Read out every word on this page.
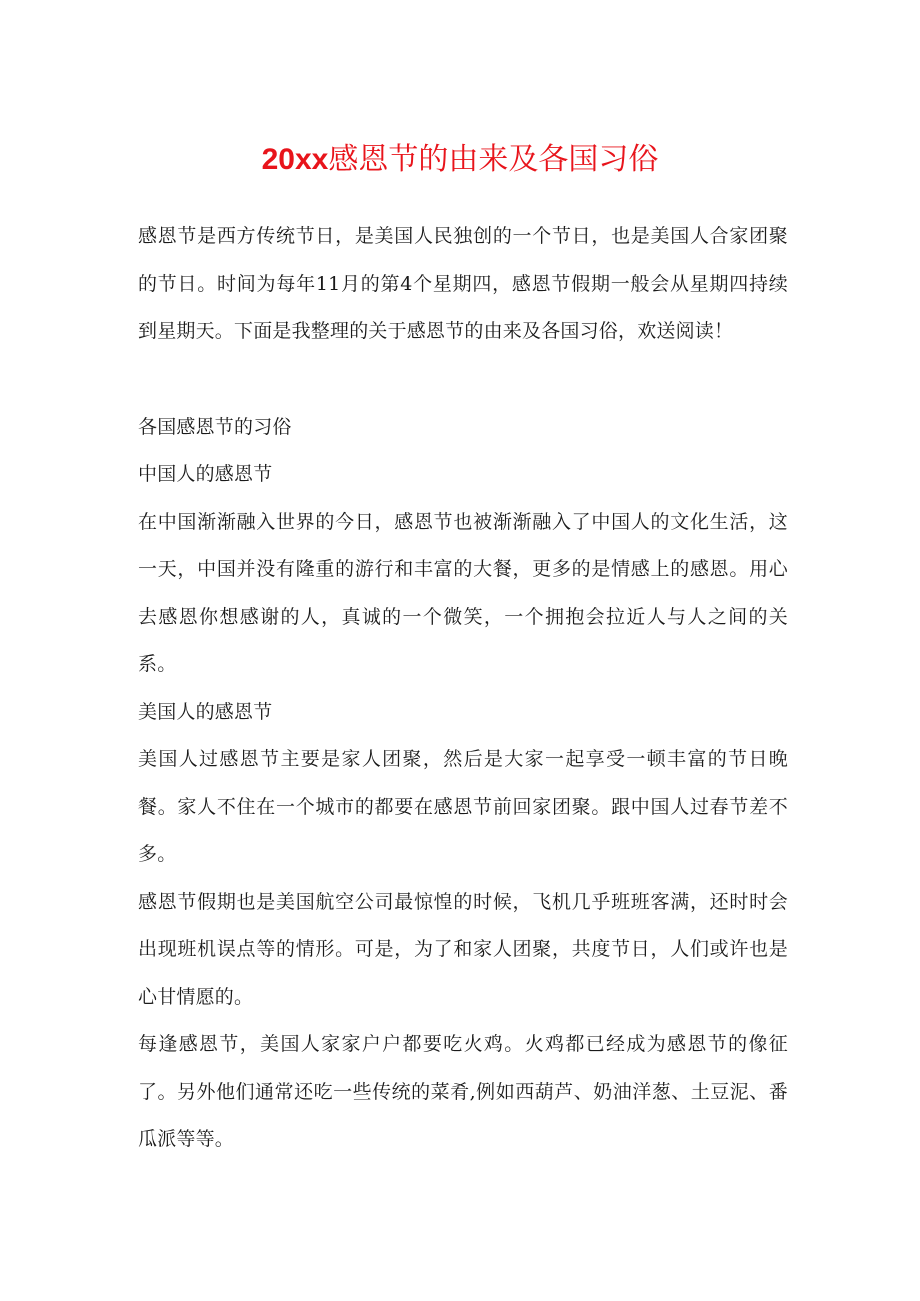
20xx感恩节的由来及各国习俗

感恩节是西方传统节日，是美国人民独创的一个节日，也是美国人合家团聚的节日。时间为每年11月的第4个星期四，感恩节假期一般会从星期四持续到星期天。下面是我整理的关于感恩节的由来及各国习俗，欢送阅读！

各国感恩节的习俗

中国人的感恩节

在中国渐渐融入世界的今日，感恩节也被渐渐融入了中国人的文化生活，这一天，中国并没有隆重的游行和丰富的大餐，更多的是情感上的感恩。用心去感恩你想感谢的人，真诚的一个微笑，一个拥抱会拉近人与人之间的关系。

美国人的感恩节

美国人过感恩节主要是家人团聚，然后是大家一起享受一顿丰富的节日晚餐。家人不住在一个城市的都要在感恩节前回家团聚。跟中国人过春节差不多。

感恩节假期也是美国航空公司最惊惶的时候，飞机几乎班班客满，还时时会出现班机误点等的情形。可是，为了和家人团聚，共度节日，人们或许也是心甘情愿的。

每逢感恩节，美国人家家户户都要吃火鸡。火鸡都已经成为感恩节的像征了。另外他们通常还吃一些传统的菜肴,例如西葫芦、奶油洋葱、土豆泥、番瓜派等等。
